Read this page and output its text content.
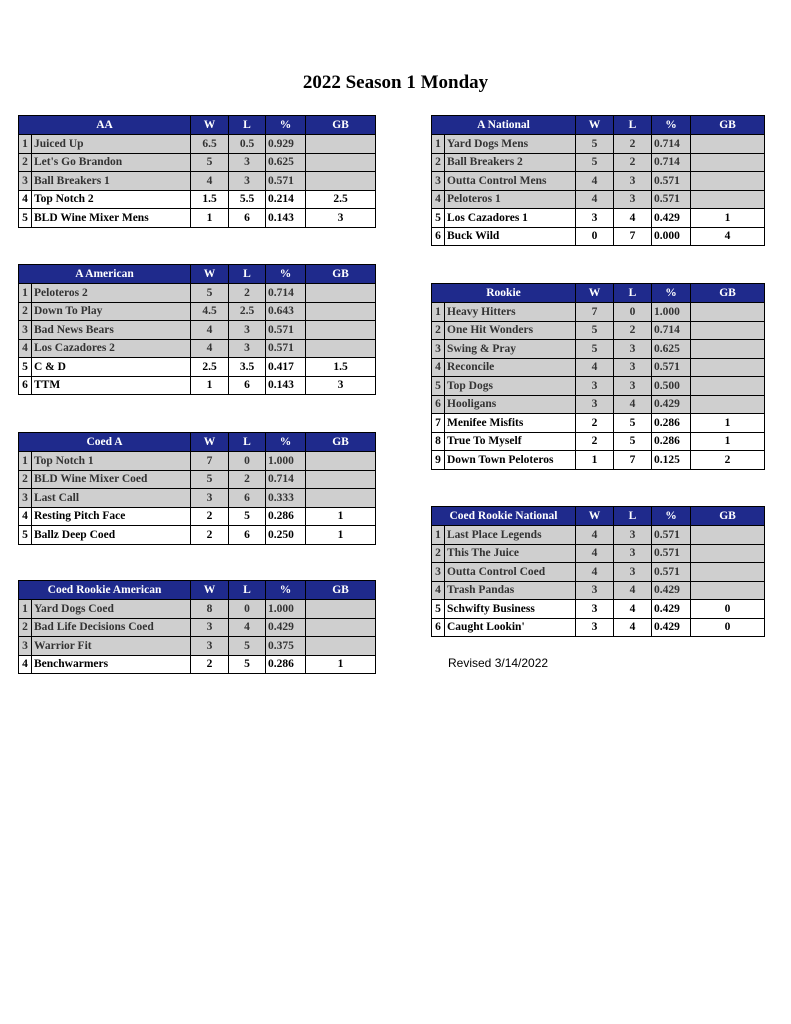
2022 Season 1 Monday
AA		W	L	%	GB
1	Juiced Up	6.5	0.5	0.929	
2	Let's Go Brandon	5	3	0.625	
3	Ball Breakers 1	4	3	0.571	
4	Top Notch 2	1.5	5.5	0.214	2.5
5	BLD Wine Mixer Mens	1	6	0.143	3
A National		W	L	%	GB
1	Yard Dogs Mens	5	2	0.714	
2	Ball Breakers 2	5	2	0.714	
3	Outta Control Mens	4	3	0.571	
4	Peloteros 1	4	3	0.571	
5	Los Cazadores 1	3	4	0.429	1
6	Buck Wild	0	7	0.000	4
A American		W	L	%	GB
1	Peloteros 2	5	2	0.714	
2	Down To Play	4.5	2.5	0.643	
3	Bad News Bears	4	3	0.571	
4	Los Cazadores 2	4	3	0.571	
5	C & D	2.5	3.5	0.417	1.5
6	TTM	1	6	0.143	3
Rookie		W	L	%	GB
1	Heavy Hitters	7	0	1.000	
2	One Hit Wonders	5	2	0.714	
3	Swing & Pray	5	3	0.625	
4	Reconcile	4	3	0.571	
5	Top Dogs	3	3	0.500	
6	Hooligans	3	4	0.429	
7	Menifee Misfits	2	5	0.286	1
8	True To Myself	2	5	0.286	1
9	Down Town Peloteros	1	7	0.125	2
Coed A		W	L	%	GB
1	Top Notch 1	7	0	1.000	
2	BLD Wine Mixer Coed	5	2	0.714	
3	Last Call	3	6	0.333	
4	Resting Pitch Face	2	5	0.286	1
5	Ballz Deep Coed	2	6	0.250	1
Coed Rookie National		W	L	%	GB
1	Last Place Legends	4	3	0.571	
2	This The Juice	4	3	0.571	
3	Outta Control Coed	4	3	0.571	
4	Trash Pandas	3	4	0.429	
5	Schwifty Business	3	4	0.429	0
6	Caught Lookin'	3	4	0.429	0
Coed Rookie American		W	L	%	GB
1	Yard Dogs Coed	8	0	1.000	
2	Bad Life Decisions Coed	3	4	0.429	
3	Warrior Fit	3	5	0.375	
4	Benchwarmers	2	5	0.286	1	Revised 3/14/2022
